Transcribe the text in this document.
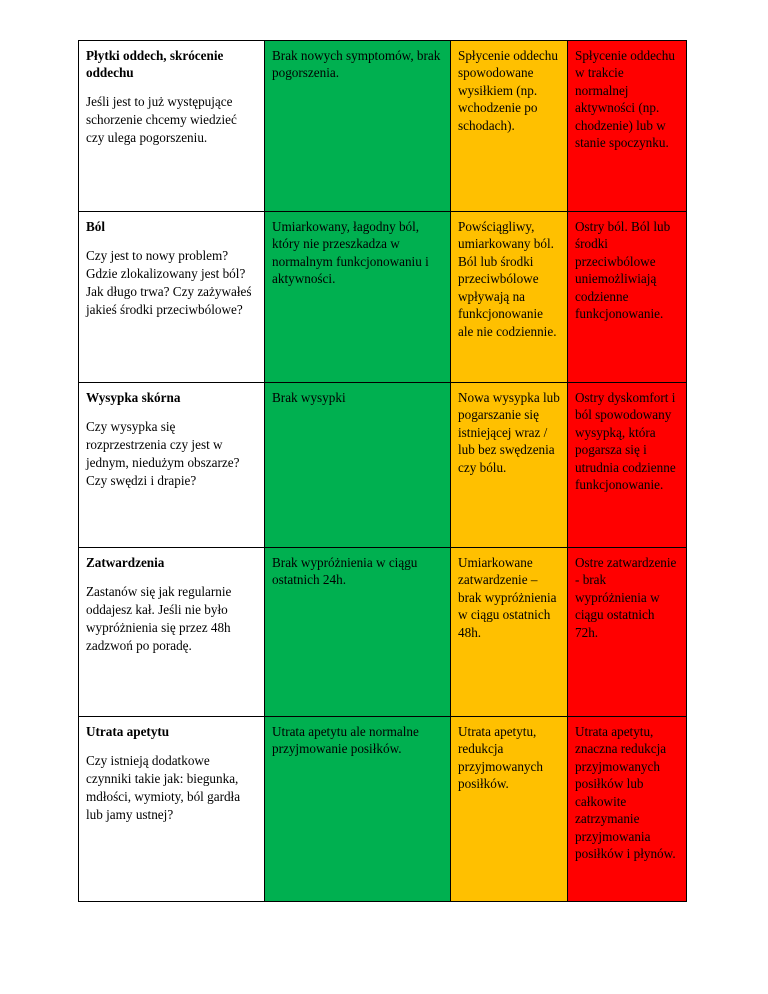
Płytki oddech, skrócenie oddechu

Jeśli jest to już występujące schorzenie chcemy wiedzieć czy ulega pogorszeniu.	Brak nowych symptomów, brak pogorszenia.	Spłycenie oddechu spowodowane wysiłkiem (np. wchodzenie po schodach).	Spłycenie oddechu w trakcie normalnej aktywności (np. chodzenie) lub w stanie spoczynku.

Ból

Czy jest to nowy problem? Gdzie zlokalizowany jest ból? Jak długo trwa? Czy zażywałeś jakieś środki przeciwbólowe?	Umiarkowany, łagodny ból, który nie przeszkadza w normalnym funkcjonowaniu i aktywności.	Powściągliwy, umiarkowany ból. Ból lub środki przeciwbólowe wpływają na funkcjonowanie ale nie codziennie.	Ostry ból. Ból lub środki przeciwbólowe uniemożliwiają codzienne funkcjonowanie.

Wysypka skórna

Czy wysypka się rozprzestrzenia czy jest w jednym, niedużym obszarze? Czy swędzi i drapie?	Brak wysypki	Nowa wysypka lub pogarszanie się istniejącej wraz / lub bez swędzenia czy bólu.	Ostry dyskomfort i ból spowodowany wysypką, która pogarsza się i utrudnia codzienne funkcjonowanie.

Zatwardzenia

Zastanów się jak regularnie oddajesz kał. Jeśli nie było wypróżnienia się przez 48h zadzwoń po poradę.	Brak wypróżnienia w ciągu ostatnich 24h.	Umiarkowane zatwardzenie – brak wypróżnienia w ciągu ostatnich 48h.	Ostre zatwardzenie - brak wypróżnienia w ciągu ostatnich 72h.

Utrata apetytu

Czy istnieją dodatkowe czynniki takie jak: biegunka, mdłości, wymioty, ból gardła lub jamy ustnej?	Utrata apetytu ale normalne przyjmowanie posiłków.	Utrata apetytu, redukcja przyjmowanych posiłków.	Utrata apetytu, znaczna redukcja przyjmowanych posiłków lub całkowite zatrzymanie przyjmowania posiłków i płynów.
